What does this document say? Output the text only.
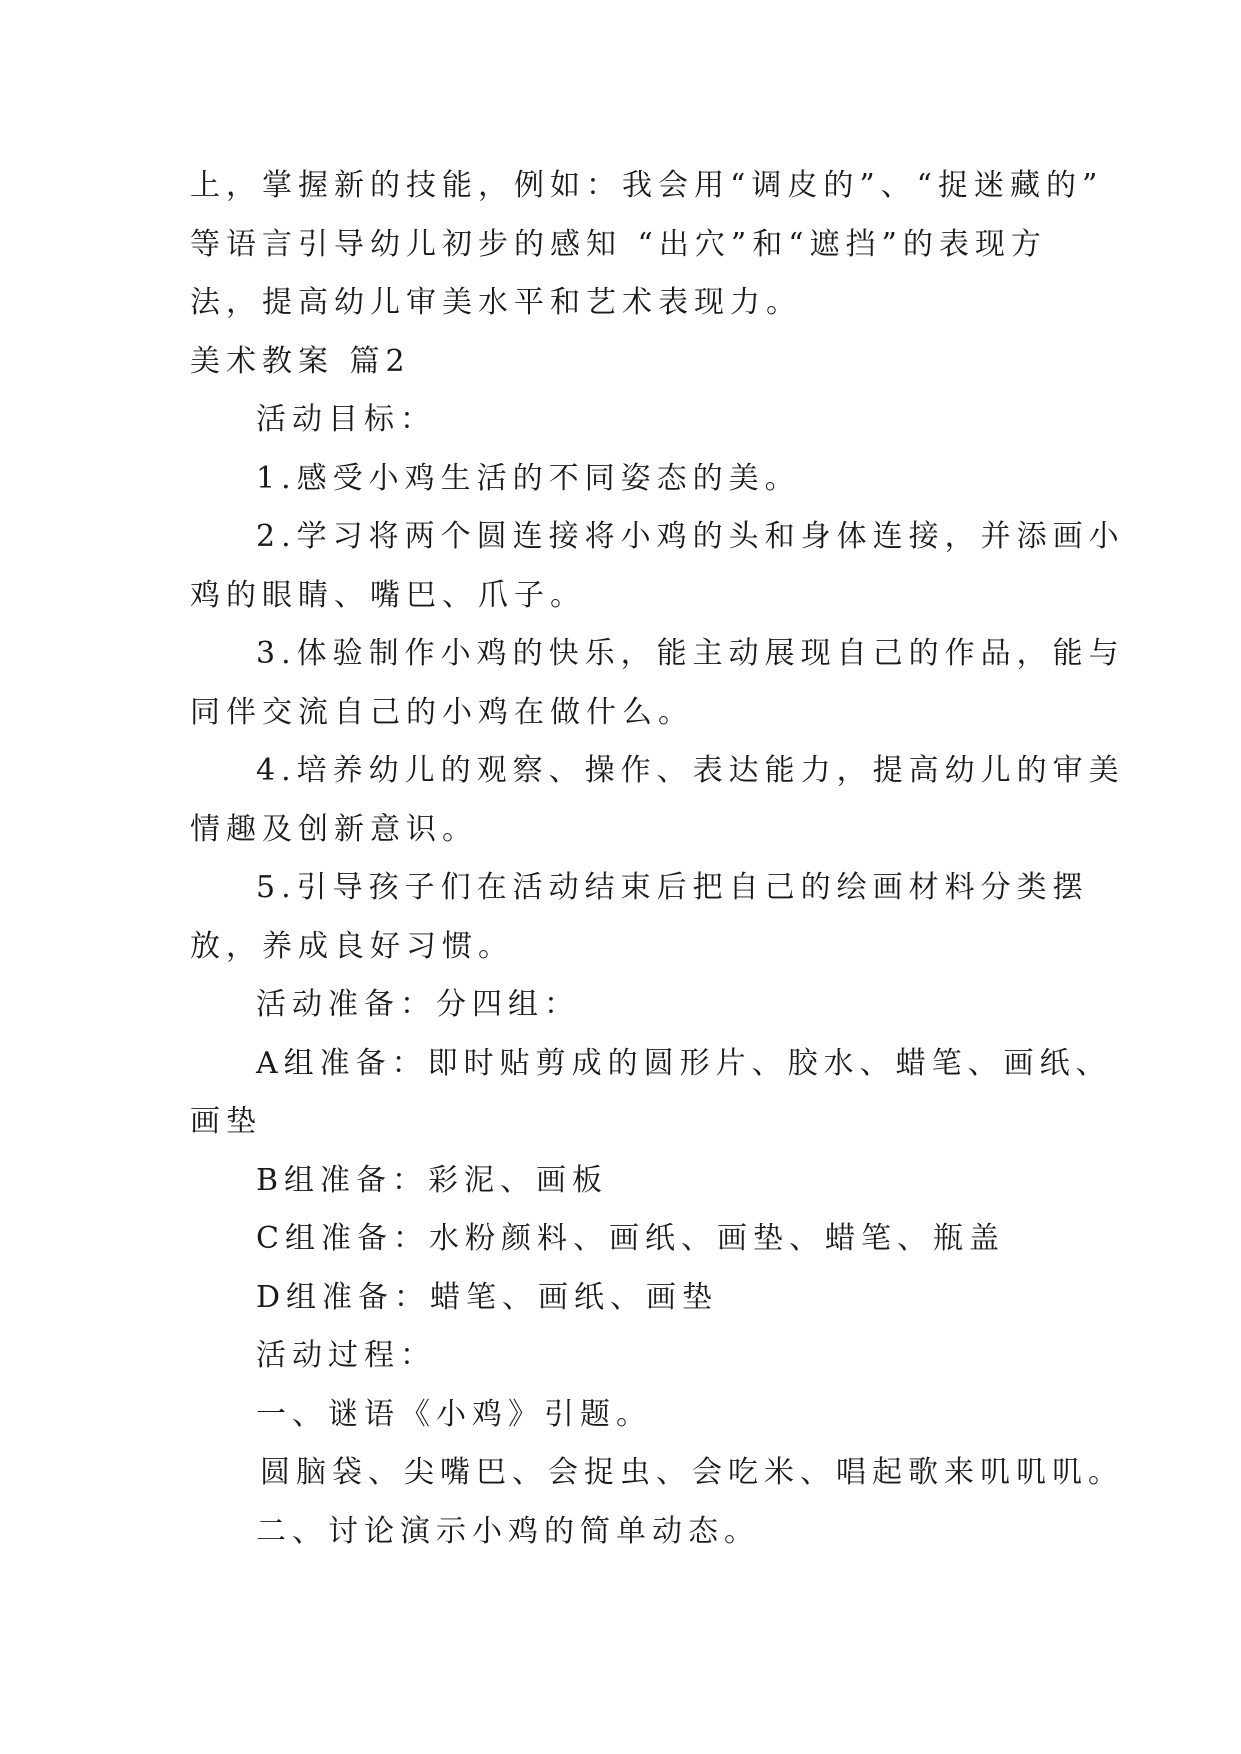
上，掌握新的技能，例如：我会用“调皮的”、“捉迷藏的”
等语言引导幼儿初步的感知 “出穴”和“遮挡”的表现方
法，提高幼儿审美水平和艺术表现力。
美术教案 篇2
活动目标：
1.感受小鸡生活的不同姿态的美。
2.学习将两个圆连接将小鸡的头和身体连接，并添画小
鸡的眼睛、嘴巴、爪子。
3.体验制作小鸡的快乐，能主动展现自己的作品，能与
同伴交流自己的小鸡在做什么。
4.培养幼儿的观察、操作、表达能力，提高幼儿的审美
情趣及创新意识。
5.引导孩子们在活动结束后把自己的绘画材料分类摆
放，养成良好习惯。
活动准备：分四组：
A组准备：即时贴剪成的圆形片、胶水、蜡笔、画纸、
画垫
B组准备：彩泥、画板
C组准备：水粉颜料、画纸、画垫、蜡笔、瓶盖
D组准备：蜡笔、画纸、画垫
活动过程：
一、谜语《小鸡》引题。
圆脑袋、尖嘴巴、会捉虫、会吃米、唱起歌来叽叽叽。
二、讨论演示小鸡的简单动态。
